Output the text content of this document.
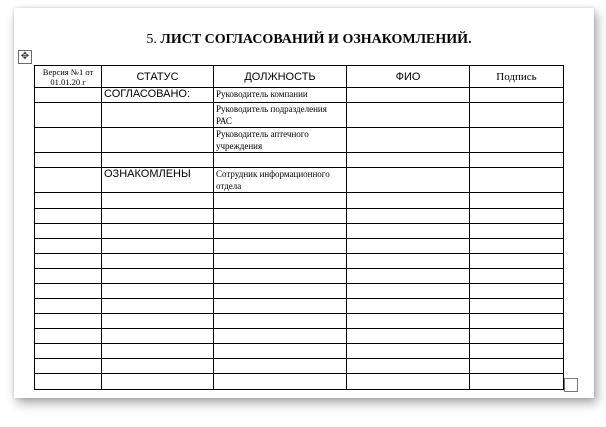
5. ЛИСТ СОГЛАСОВАНИЙ И ОЗНАКОМЛЕНИЙ.
✥
Версия №1 от 01.01.20 г	СТАТУС	ДОЛЖНОСТЬ	ФИО	Подпись
	СОГЛАСОВАНО:	Руководитель компании		
		Руководитель подразделения РАС		
		Руководитель аптечного учреждения		

	ОЗНАКОМЛЕНЫ	Сотрудник информационного отдела		
